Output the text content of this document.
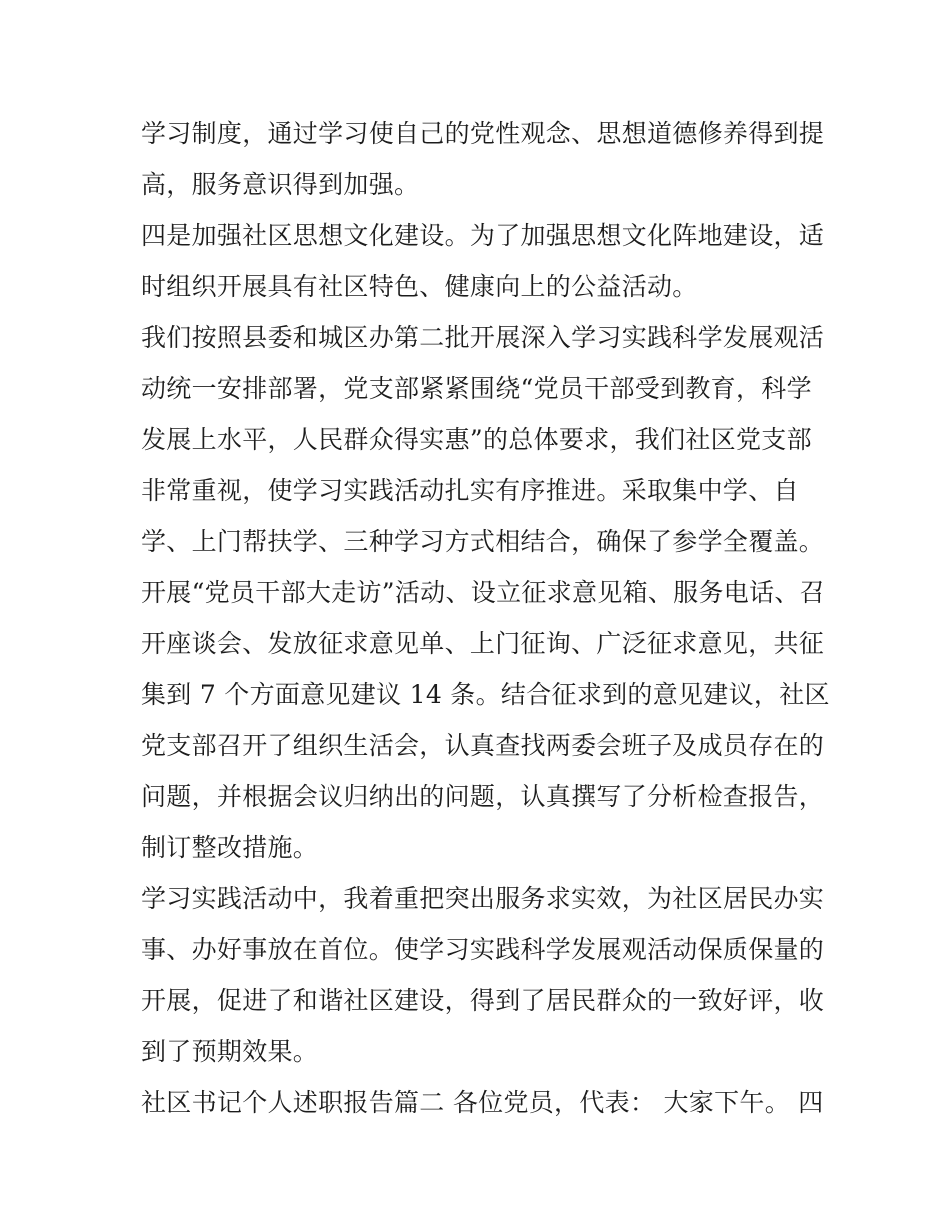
学习制度，通过学习使自己的党性观念、思想道德修养得到提
高，服务意识得到加强。
四是加强社区思想文化建设。为了加强思想文化阵地建设，适
时组织开展具有社区特色、健康向上的公益活动。
我们按照县委和城区办第二批开展深入学习实践科学发展观活
动统一安排部署，党支部紧紧围绕“党员干部受到教育，科学
发展上水平，人民群众得实惠”的总体要求，我们社区党支部
非常重视，使学习实践活动扎实有序推进。采取集中学、自
学、上门帮扶学、三种学习方式相结合，确保了参学全覆盖。
开展“党员干部大走访”活动、设立征求意见箱、服务电话、召
开座谈会、发放征求意见单、上门征询、广泛征求意见，共征
集到 7 个方面意见建议 14 条。结合征求到的意见建议，社区
党支部召开了组织生活会，认真查找两委会班子及成员存在的
问题，并根据会议归纳出的问题，认真撰写了分析检查报告，
制订整改措施。
学习实践活动中，我着重把突出服务求实效，为社区居民办实
事、办好事放在首位。使学习实践科学发展观活动保质保量的
开展，促进了和谐社区建设，得到了居民群众的一致好评，收
到了预期效果。
社区书记个人述职报告篇二 各位党员，代表： 大家下午。 四
